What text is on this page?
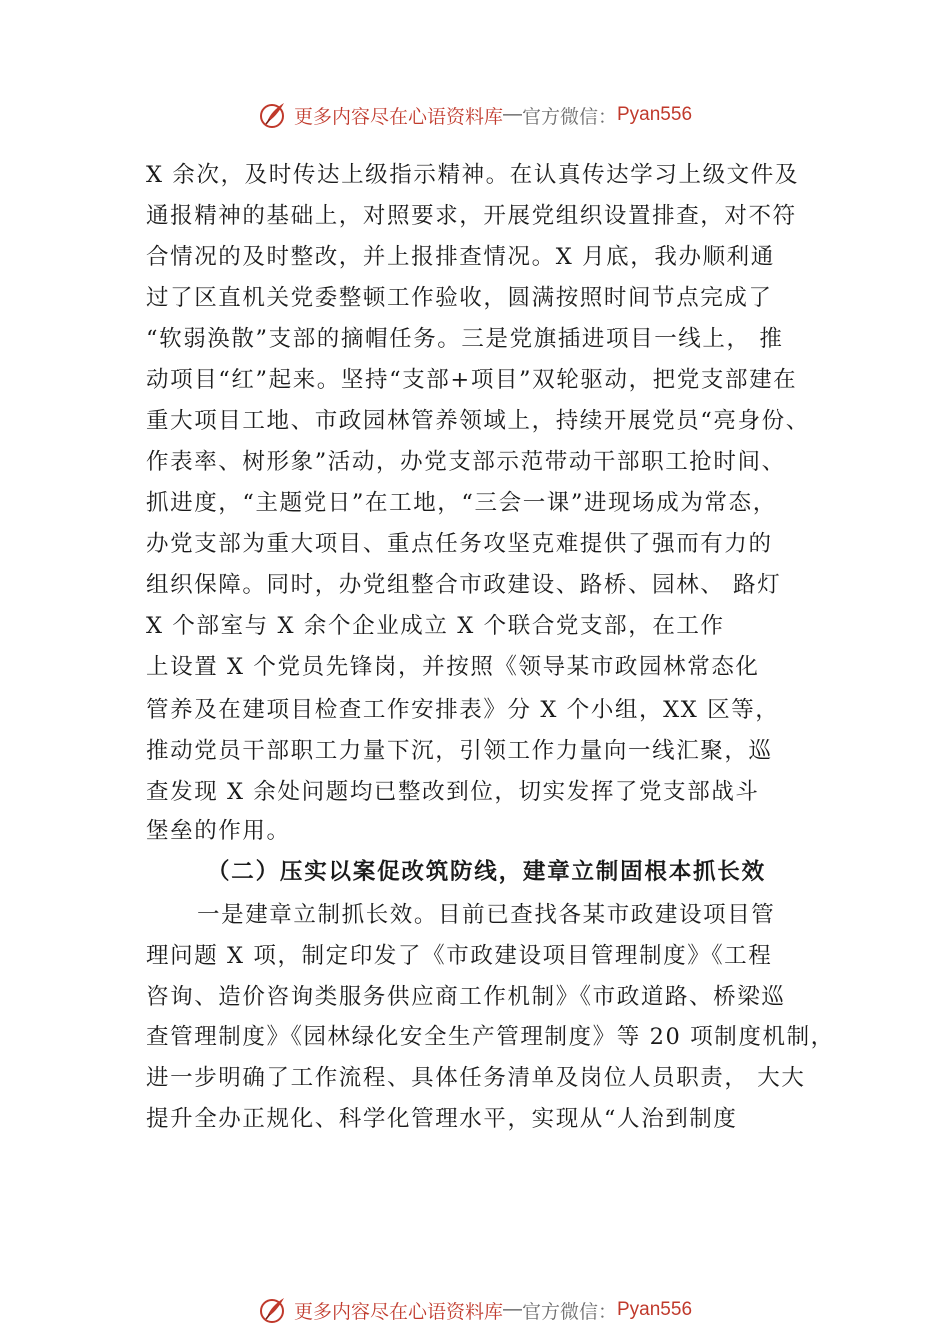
更多内容尽在心语资料库 — 官方微信： Pyan556
X 余次，及时传达上级指示精神。在认真传达学习上级文件及
通报精神的基础上，对照要求，开展党组织设置排查，对不符
合情况的及时整改，并上报排查情况。X 月底，我办顺利通
过了区直机关党委整顿工作验收，圆满按照时间节点完成了
“软弱涣散”支部的摘帽任务。三是党旗插进项目一线上， 推
动项目“红”起来。坚持“支部+项目”双轮驱动，把党支部建在
重大项目工地、市政园林管养领域上，持续开展党员“亮身份、
作表率、树形象”活动，办党支部示范带动干部职工抢时间、
抓进度，“主题党日”在工地，“三会一课”进现场成为常态，
办党支部为重大项目、重点任务攻坚克难提供了强而有力的
组织保障。同时，办党组整合市政建设、路桥、园林、 路灯
X 个部室与 X 余个企业成立 X 个联合党支部，在工作
上设置 X 个党员先锋岗，并按照《领导某市政园林常态化
管养及在建项目检查工作安排表》分 X 个小组，XX 区等，
推动党员干部职工力量下沉，引领工作力量向一线汇聚，巡
查发现 X 余处问题均已整改到位，切实发挥了党支部战斗
堡垒的作用。
（二）压实以案促改筑防线，建章立制固根本抓长效
一是建章立制抓长效。目前已查找各某市政建设项目管
理问题 X 项，制定印发了《市政建设项目管理制度》《工程
咨询、造价咨询类服务供应商工作机制》《市政道路、桥梁巡
查管理制度》《园林绿化安全生产管理制度》等 20 项制度机制，
进一步明确了工作流程、具体任务清单及岗位人员职责， 大大
提升全办正规化、科学化管理水平，实现从“人治到制度
更多内容尽在心语资料库 — 官方微信： Pyan556
